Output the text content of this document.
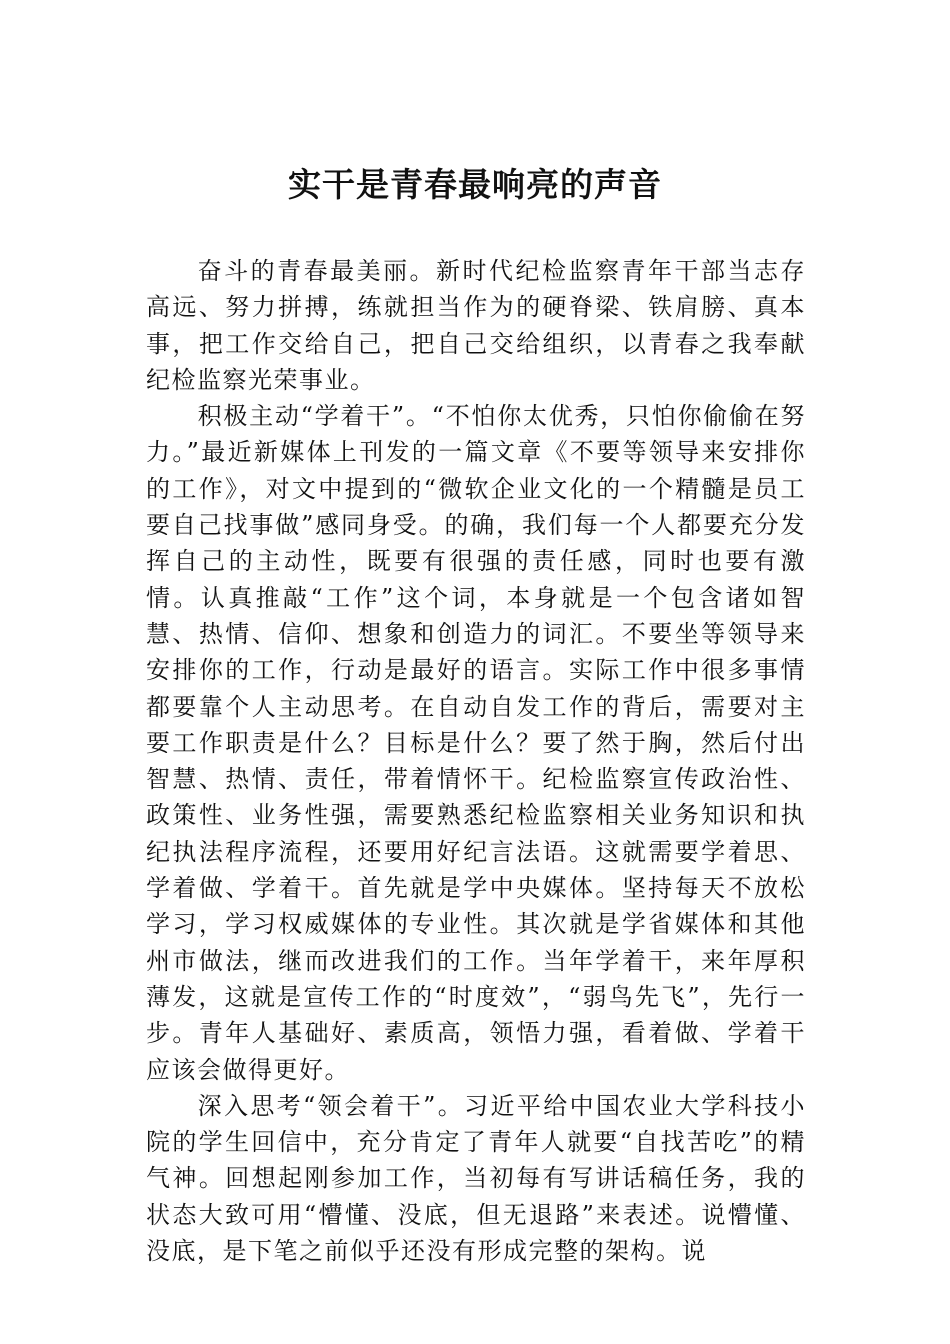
实干是青春最响亮的声音

奋斗的青春最美丽。新时代纪检监察青年干部当志存高远、努力拼搏，练就担当作为的硬脊梁、铁肩膀、真本事，把工作交给自己，把自己交给组织，以青春之我奉献纪检监察光荣事业。

积极主动“学着干”。“不怕你太优秀，只怕你偷偷在努力。”最近新媒体上刊发的一篇文章《不要等领导来安排你的工作》，对文中提到的“微软企业文化的一个精髓是员工要自己找事做”感同身受。的确，我们每一个人都要充分发挥自己的主动性，既要有很强的责任感，同时也要有激情。认真推敲“工作”这个词，本身就是一个包含诸如智慧、热情、信仰、想象和创造力的词汇。不要坐等领导来安排你的工作，行动是最好的语言。实际工作中很多事情都要靠个人主动思考。在自动自发工作的背后，需要对主要工作职责是什么？目标是什么？要了然于胸，然后付出智慧、热情、责任，带着情怀干。纪检监察宣传政治性、政策性、业务性强，需要熟悉纪检监察相关业务知识和执纪执法程序流程，还要用好纪言法语。这就需要学着思、学着做、学着干。首先就是学中央媒体。坚持每天不放松学习，学习权威媒体的专业性。其次就是学省媒体和其他州市做法，继而改进我们的工作。当年学着干，来年厚积薄发，这就是宣传工作的“时度效”，“弱鸟先飞”，先行一步。青年人基础好、素质高，领悟力强，看着做、学着干应该会做得更好。

深入思考“领会着干”。习近平给中国农业大学科技小院的学生回信中，充分肯定了青年人就要“自找苦吃”的精气神。回想起刚参加工作，当初每有写讲话稿任务，我的状态大致可用“懵懂、没底，但无退路”来表述。说懵懂、没底，是下笔之前似乎还没有形成完整的架构。说
